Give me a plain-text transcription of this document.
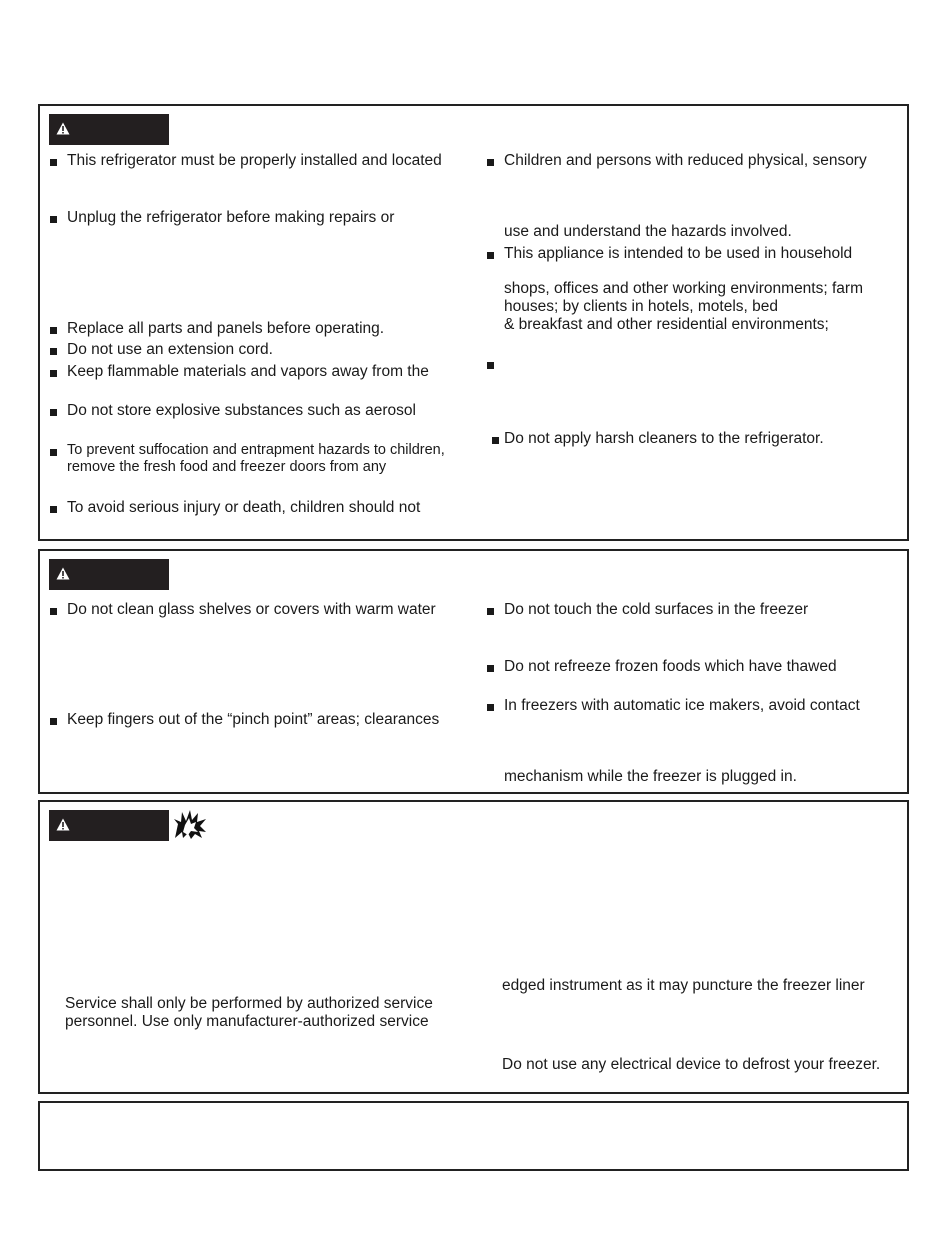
This refrigerator must be properly installed and located
Unplug the refrigerator before making repairs or
Replace all parts and panels before operating.
Do not use an extension cord.
Keep flammable materials and vapors away from the
Do not store explosive substances such as aerosol
To prevent suffocation and entrapment hazards to children, remove the fresh food and freezer doors from any
To avoid serious injury or death, children should not
Children and persons with reduced physical, sensory
use and understand the hazards involved.
This appliance is intended to be used in household
shops, offices and other working environments; farm
houses; by clients in hotels, motels, bed
& breakfast and other residential environments;
Do not apply harsh cleaners to the refrigerator.
Do not clean glass shelves or covers with warm water
Keep fingers out of the “pinch point” areas; clearances
Do not touch the cold surfaces in the freezer
Do not refreeze frozen foods which have thawed
In freezers with automatic ice makers, avoid contact
mechanism while the freezer is plugged in.
Service shall only be performed by authorized service
personnel. Use only manufacturer-authorized service
edged instrument as it may puncture the freezer liner
Do not use any electrical device to defrost your freezer.
